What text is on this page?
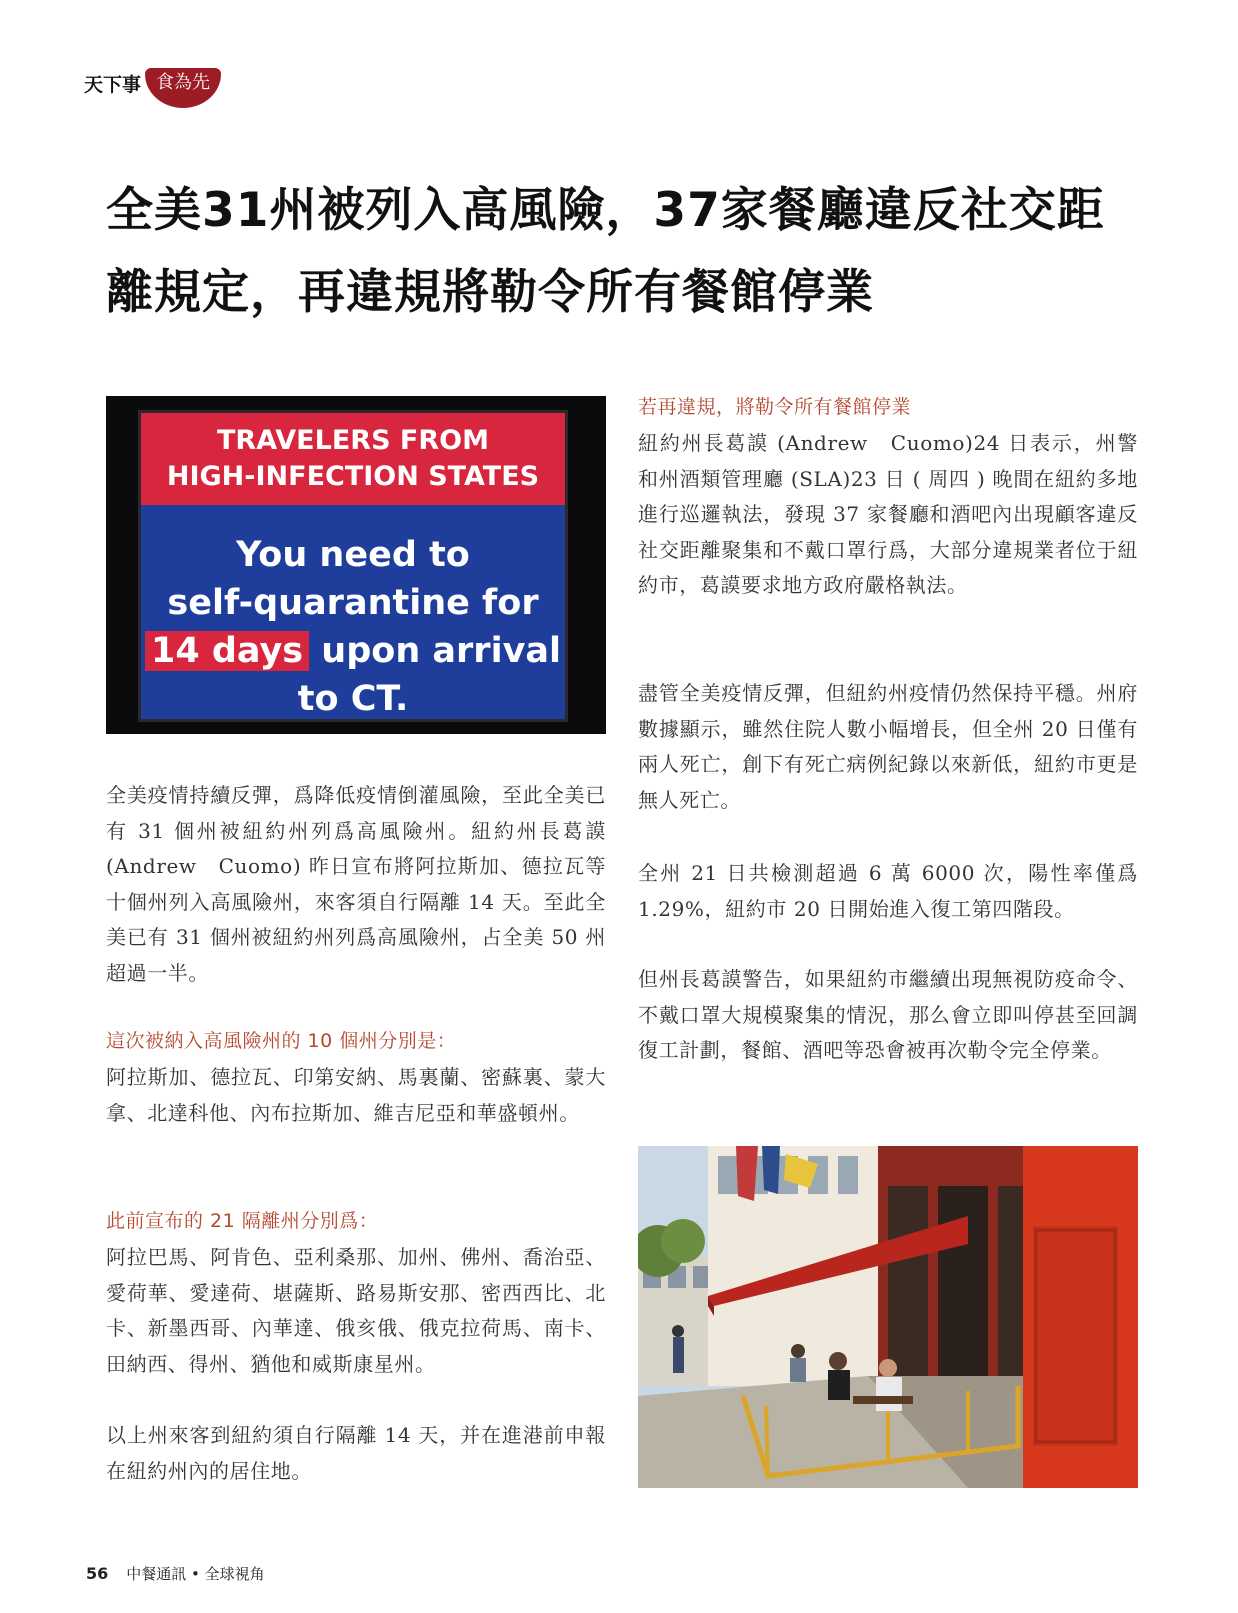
天下事 食為先
全美31州被列入高風險，37家餐廳違反社交距離規定，再違規將勒令所有餐館停業
TRAVELERS FROM
HIGH-INFECTION STATES
You need to
self-quarantine for
14 days upon arrival
to CT.

全美疫情持續反彈，爲降低疫情倒灌風險，至此全美已有 31 個州被紐約州列爲高風險州。紐約州長葛謨 (Andrew　Cuomo) 昨日宣布將阿拉斯加、德拉瓦等十個州列入高風險州，來客須自行隔離 14 天。至此全美已有 31 個州被紐約州列爲高風險州，占全美 50 州超過一半。

這次被納入高風險州的 10 個州分別是：

阿拉斯加、德拉瓦、印第安納、馬裏蘭、密蘇裏、蒙大拿、北達科他、內布拉斯加、維吉尼亞和華盛頓州。

此前宣布的 21 隔離州分別爲：

阿拉巴馬、阿肯色、亞利桑那、加州、佛州、喬治亞、愛荷華、愛達荷、堪薩斯、路易斯安那、密西西比、北卡、新墨西哥、內華達、俄亥俄、俄克拉荷馬、南卡、田納西、得州、猶他和威斯康星州。

以上州來客到紐約須自行隔離 14 天，并在進港前申報在紐約州內的居住地。

若再違規，將勒令所有餐館停業

紐約州長葛謨 (Andrew　Cuomo)24 日表示，州警和州酒類管理廳 (SLA)23 日 ( 周四 ) 晚間在紐約多地進行巡邏執法，發現 37 家餐廳和酒吧內出現顧客違反社交距離聚集和不戴口罩行爲，大部分違規業者位于紐約市，葛謨要求地方政府嚴格執法。

盡管全美疫情反彈，但紐約州疫情仍然保持平穩。州府數據顯示，雖然住院人數小幅增長，但全州 20 日僅有兩人死亡，創下有死亡病例紀錄以來新低，紐約市更是無人死亡。

全州 21 日共檢測超過 6 萬 6000 次，陽性率僅爲 1.29%，紐約市 20 日開始進入復工第四階段。

但州長葛謨警告，如果紐約市繼續出現無視防疫命令、不戴口罩大規模聚集的情況，那么會立即叫停甚至回調復工計劃，餐館、酒吧等恐會被再次勒令完全停業。

56 中餐通訊 • 全球視角
